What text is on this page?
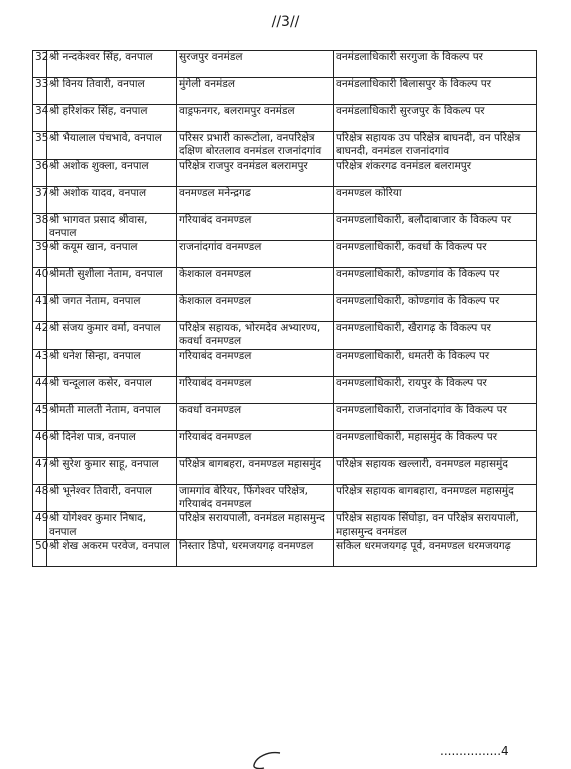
//3//
32	श्री नन्दकेश्वर सिंह, वनपाल	सुरजपुर वनमंडल	वनमंडलाधिकारी सरगुजा के विकल्प पर
33	श्री विनय तिवारी, वनपाल	मुंगेली वनमंडल	वनमंडलाधिकारी बिलासपुर के विकल्प पर
34	श्री हरिशंकर सिंह, वनपाल	वाड्रफनगर, बलरामपुर वनमंडल	वनमंडलाधिकारी सुरजपुर के विकल्प पर
35	श्री भैयालाल पंचभावे, वनपाल	परिसर प्रभारी कारूटोला, वनपरिक्षेत्र दक्षिण बोरतलाव वनमंडल राजनांदगांव	परिक्षेत्र सहायक उप परिक्षेत्र बाघनदी, वन परिक्षेत्र बाघनदी, वनमंडल राजनांदगांव
36	श्री अशोक शुक्ला, वनपाल	परिक्षेत्र राजपुर वनमंडल बलरामपुर	परिक्षेत्र शंकरगढ वनमंडल बलरामपुर
37	श्री अशोक यादव, वनपाल	वनमण्डल मनेन्द्रगढ	वनमण्डल कोरिया
38	श्री भागवत प्रसाद श्रीवास, वनपाल	गरियाबंद वनमण्डल	वनमण्डलाधिकारी, बलौदाबाजार के विकल्प पर
39	श्री कयूम खान, वनपाल	राजनांदगांव वनमण्डल	वनमण्डलाधिकारी, कवर्धा के विकल्प पर
40	श्रीमती सुशीला नेताम, वनपाल	केशकाल वनमण्डल	वनमण्डलाधिकारी, कोण्डगांव के विकल्प पर
41	श्री जगत नेताम, वनपाल	केशकाल वनमण्डल	वनमण्डलाधिकारी, कोण्डगांव के विकल्प पर
42	श्री संजय कुमार वर्मा, वनपाल	परिक्षेत्र सहायक, भोरमदेव अभ्यारण्य, कवर्धा वनमण्डल	वनमण्डलाधिकारी, खैरागढ़ के विकल्प पर
43	श्री धनेश सिन्हा, वनपाल	गरियाबंद वनमण्डल	वनमण्डलाधिकारी, धमतरी के विकल्प पर
44	श्री चन्दूलाल कसेर, वनपाल	गरियाबंद वनमण्डल	वनमण्डलाधिकारी, रायपुर के विकल्प पर
45	श्रीमती मालती नेताम, वनपाल	कवर्धा वनमण्डल	वनमण्डलाधिकारी, राजनांदगांव के विकल्प पर
46	श्री दिनेश पात्र, वनपाल	गरियाबंद वनमण्डल	वनमण्डलाधिकारी, महासमुंद के विकल्प पर
47	श्री सुरेश कुमार साहू, वनपाल	परिक्षेत्र बागबहरा, वनमण्डल महासमुंद	परिक्षेत्र सहायक खल्लारी, वनमण्डल महासमुंद
48	श्री भूनेश्वर तिवारी, वनपाल	जामगांव बेरियर, फिंगेश्वर परिक्षेत्र, गरियाबंद वनमण्डल	परिक्षेत्र सहायक बागबहारा, वनमण्डल महासमुंद
49	श्री योगेश्वर कुमार निषाद, वनपाल	परिक्षेत्र सरायपाली, वनमंडल महासमुन्द	परिक्षेत्र सहायक सिंघोड़ा, वन परिक्षेत्र सरायपाली, महासमुन्द वनमंडल
50	श्री शेख अकरम परवेज, वनपाल	निस्तार डिपो, धरमजयगढ़ वनमण्डल	सकिल धरमजयगढ़ पूर्व, वनमण्डल धरमजयगढ़
................4
